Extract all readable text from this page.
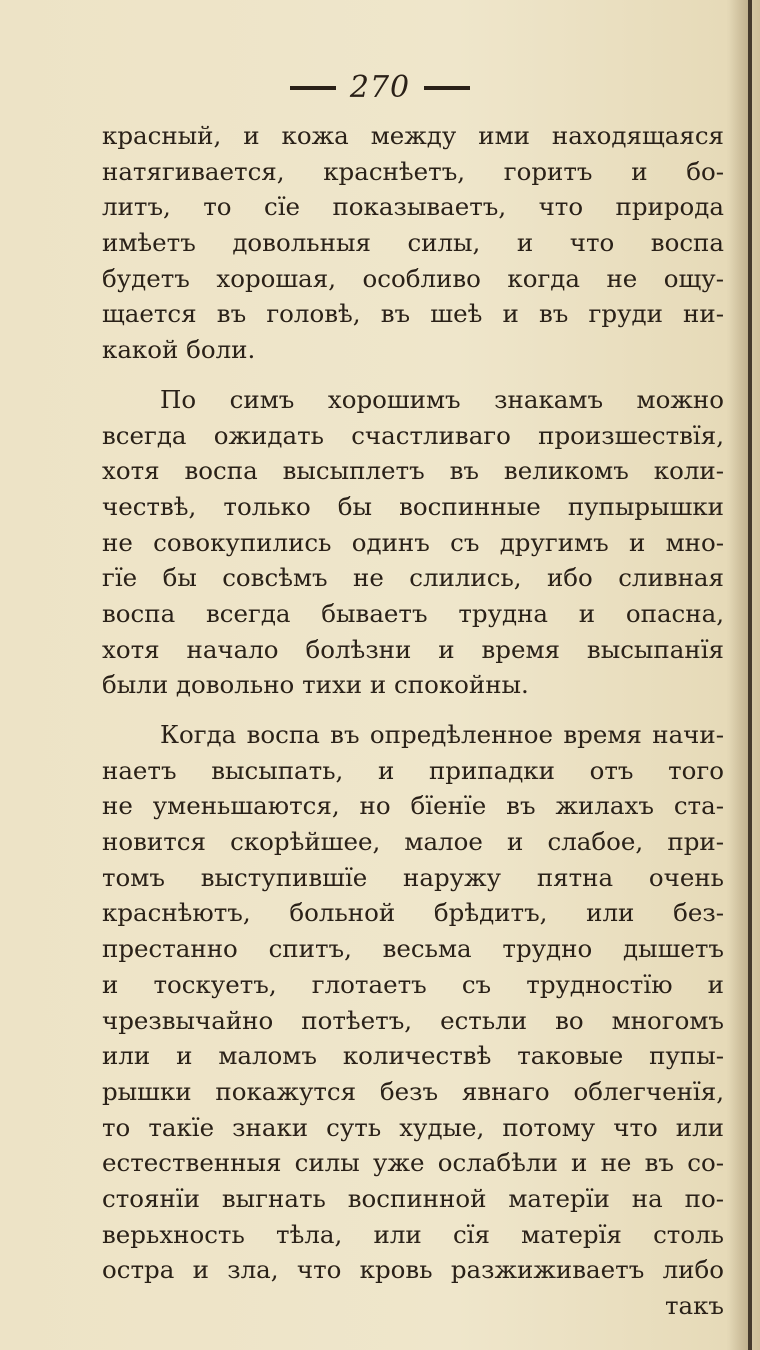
270
красный, и кожа между ими находящаяся
натягивается, краснѣетъ, горитъ и бо-
литъ, то сїе показываетъ, что природа
имѣетъ довольныя силы, и что воспа
будетъ хорошая, особливо когда не ощу-
щается въ головѣ, въ шеѣ и въ груди ни-
какой боли.
По симъ хорошимъ знакамъ можно
всегда ожидать счастливаго произшествїя,
хотя воспа высыплетъ въ великомъ коли-
чествѣ, только бы воспинные пупырышки
не совокупились одинъ съ другимъ и мно-
гїе бы совсѣмъ не слились, ибо сливная
воспа всегда бываетъ трудна и опасна,
хотя начало болѣзни и время высыпанїя
были довольно тихи и спокойны.
Когда воспа въ опредѣленное время начи-
наетъ высыпать, и припадки отъ того
не уменьшаются, но бїенїе въ жилахъ ста-
новится скорѣйшее, малое и слабое, при-
томъ выступившїе наружу пятна очень
краснѣютъ, больной брѣдитъ, или без-
престанно спитъ, весьма трудно дышетъ
и тоскуетъ, глотаетъ съ трудностїю и
чрезвычайно потѣетъ, естьли во многомъ
или и маломъ количествѣ таковые пупы-
рышки покажутся безъ явнаго облегченїя,
то такїе знаки суть худые, потому что или
естественныя силы уже ослабѣли и не въ со-
стоянїи выгнать воспинной матерїи на по-
верьхность тѣла, или сїя матерїя столь
остра и зла, что кровь разжиживаетъ либо
такъ
